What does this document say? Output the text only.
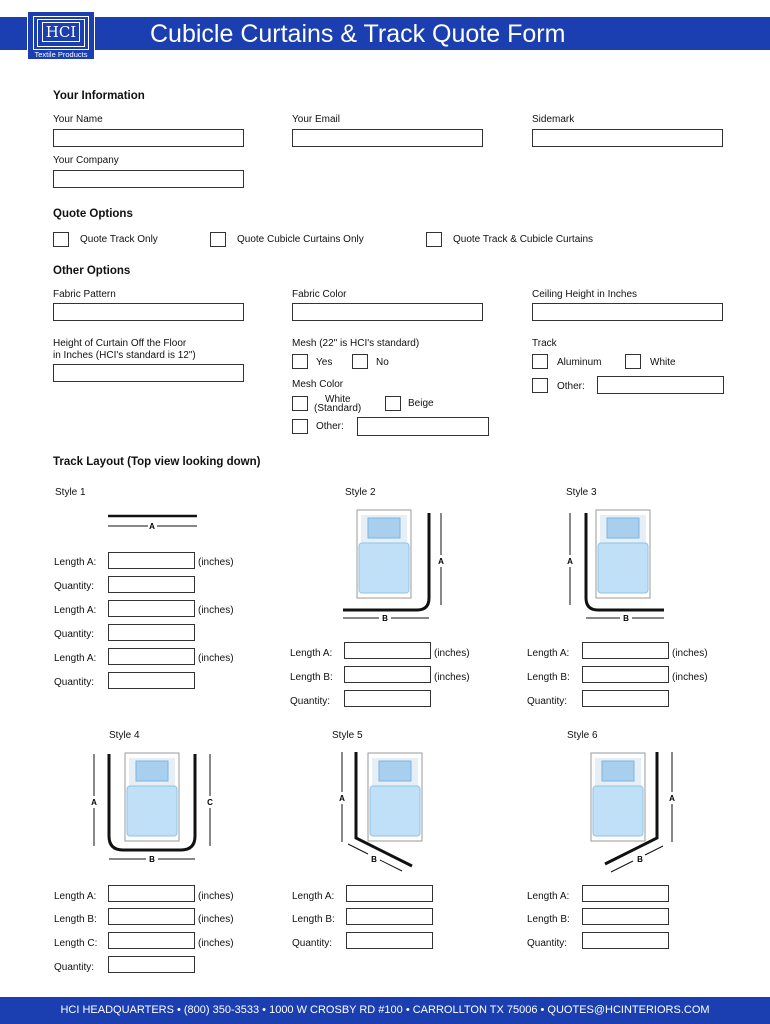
HCI
Textile Products
Cubicle Curtains & Track Quote Form
Your Information
Your Name	Your Email	Sidemark
Your Company
Quote Options
Quote Track Only	Quote Cubicle Curtains Only	Quote Track & Cubicle Curtains
Other Options
Fabric Pattern	Fabric Color	Ceiling Height in Inches
Height of Curtain Off the Floor
in Inches (HCI's standard is 12")
Mesh (22" is HCI's standard)
Yes	No
Mesh Color
White
(Standard)	Beige
Other:
Track
Aluminum	White
Other:
Track Layout (Top view looking down)
Style 1
A
Length A:	(inches)
Quantity:
Length A:	(inches)
Quantity:
Length A:	(inches)
Quantity:
Style 2
A
B
Length A:	(inches)
Length B:	(inches)
Quantity:
Style 3
A
B
Length A:	(inches)
Length B:	(inches)
Quantity:
Style 4
A	C
B
Length A:	(inches)
Length B:	(inches)
Length C:	(inches)
Quantity:
Style 5
A
B
Length A:
Length B:
Quantity:
Style 6
A
B
Length A:
Length B:
Quantity:
HCI HEADQUARTERS • (800) 350-3533 • 1000 W CROSBY RD #100 • CARROLLTON TX 75006 • QUOTES@HCINTERIORS.COM
